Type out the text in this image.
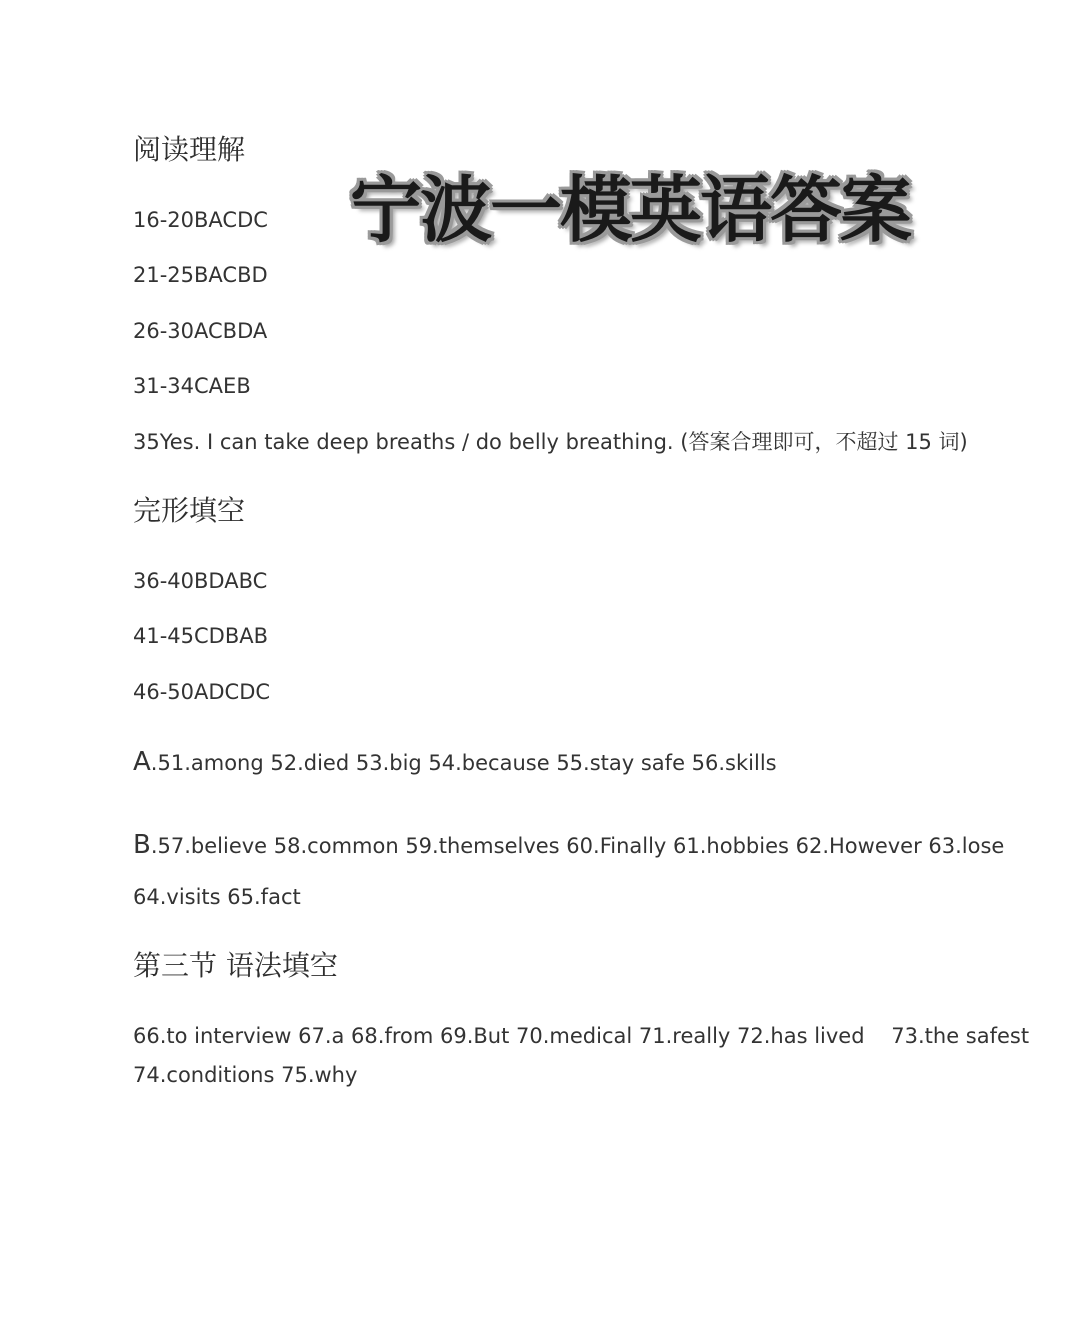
阅读理解
宁波一模英语答案
16-20BACDC
21-25BACBD
26-30ACBDA
31-34CAEB
35Yes. I can take deep breaths / do belly breathing. (答案合理即可，不超过 15 词)
完形填空
36-40BDABC
41-45CDBAB
46-50ADCDC
A.51.among 52.died 53.big 54.because 55.stay safe 56.skills
B.57.believe 58.common 59.themselves 60.Finally 61.hobbies 62.However 63.lose
64.visits 65.fact
第三节 语法填空
66.to interview 67.a 68.from 69.But 70.medical 71.really 72.has lived    73.the safest
74.conditions 75.why
